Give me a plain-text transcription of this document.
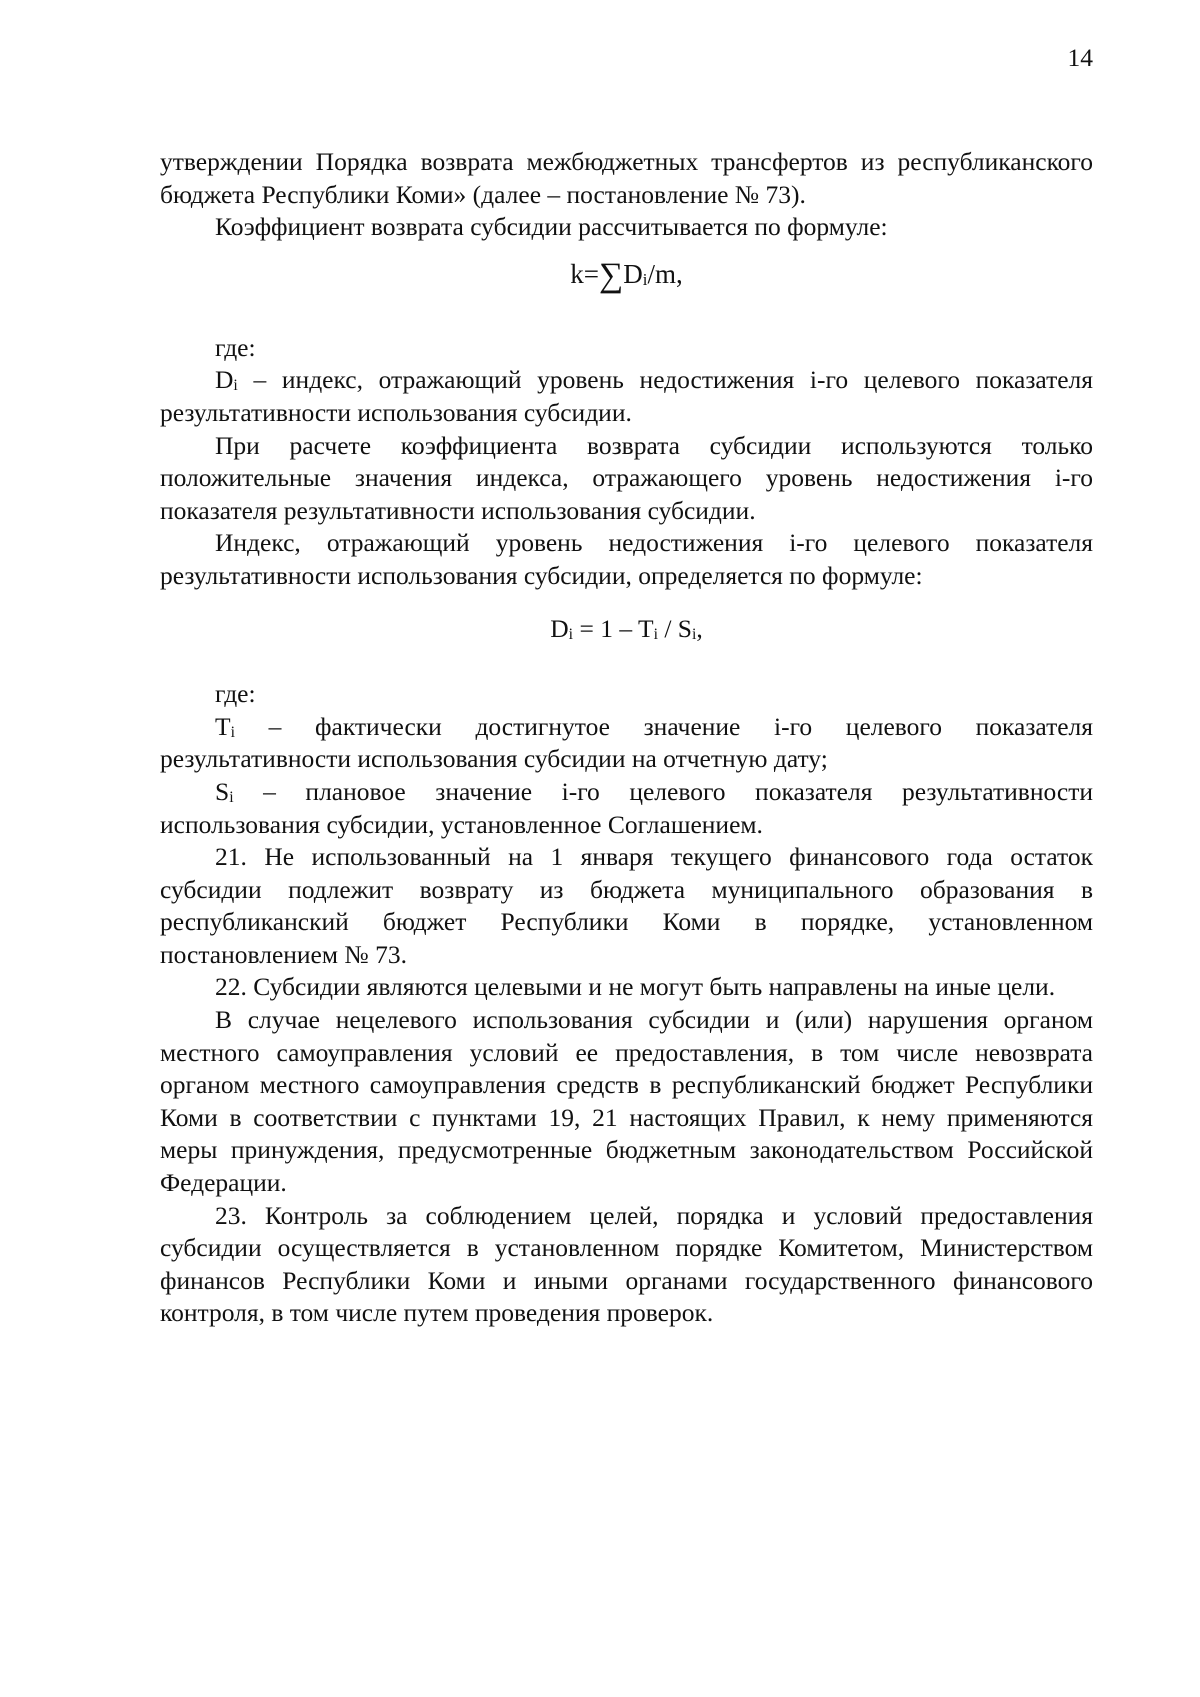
14

утверждении Порядка возврата межбюджетных трансфертов из республиканского бюджета Республики Коми» (далее – постановление № 73).

Коэффициент возврата субсидии рассчитывается по формуле:

$k=\sum D_i/m$,

где:

$D_i$ – индекс, отражающий уровень недостижения i-го целевого показателя результативности использования субсидии.

При расчете коэффициента возврата субсидии используются только положительные значения индекса, отражающего уровень недостижения i-го показателя результативности использования субсидии.

Индекс, отражающий уровень недостижения i-го целевого показателя результативности использования субсидии, определяется по формуле:

$D_i = 1 - T_i / S_i$,

где:

$T_i$ – фактически достигнутое значение i-го целевого показателя результативности использования субсидии на отчетную дату;

$S_i$ – плановое значение i-го целевого показателя результативности использования субсидии, установленное Соглашением.

21. Не использованный на 1 января текущего финансового года остаток субсидии подлежит возврату из бюджета муниципального образования в республиканский бюджет Республики Коми в порядке, установленном постановлением № 73.

22. Субсидии являются целевыми и не могут быть направлены на иные цели.

В случае нецелевого использования субсидии и (или) нарушения органом местного самоуправления условий ее предоставления, в том числе невозврата органом местного самоуправления средств в республиканский бюджет Республики Коми в соответствии с пунктами 19, 21 настоящих Правил, к нему применяются меры принуждения, предусмотренные бюджетным законодательством Российской Федерации.

23. Контроль за соблюдением целей, порядка и условий предоставления субсидии осуществляется в установленном порядке Комитетом, Министерством финансов Республики Коми и иными органами государственного финансового контроля, в том числе путем проведения проверок.
